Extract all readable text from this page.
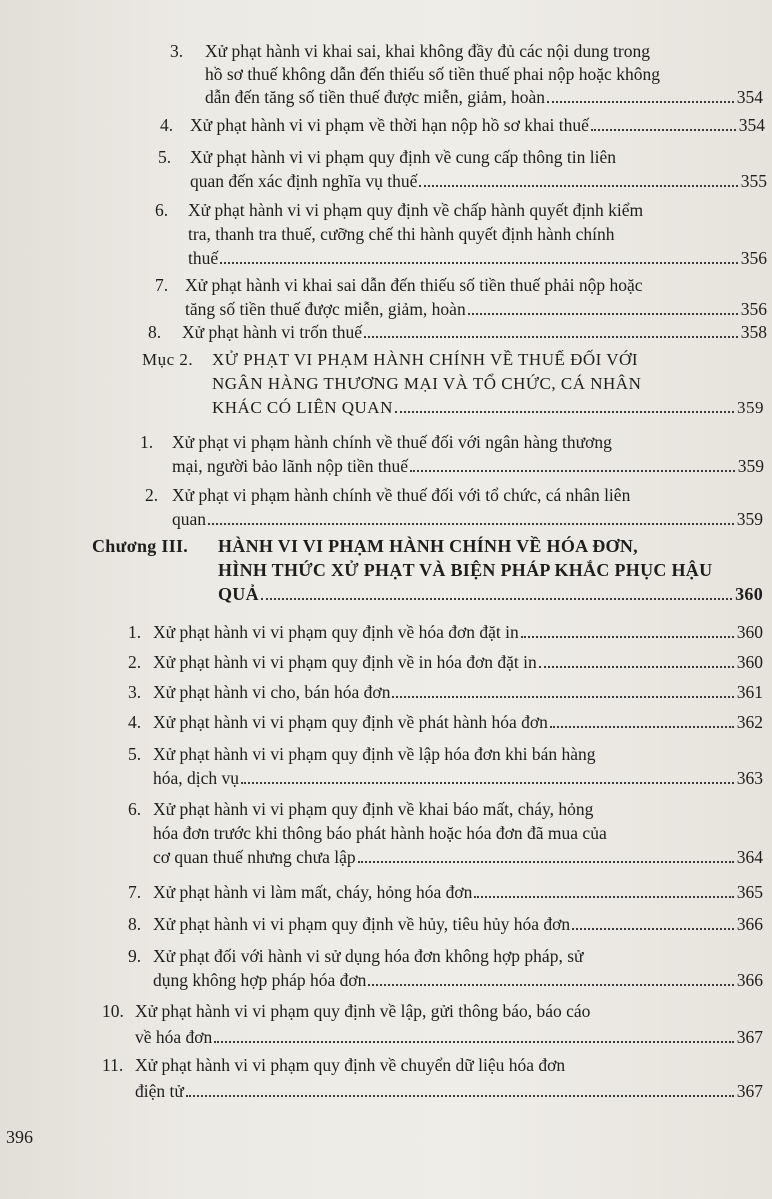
3. Xử phạt hành vi khai sai, khai không đầy đủ các nội dung trong
hồ sơ thuế không dẫn đến thiếu số tiền thuế phai nộp hoặc không
dẫn đến tăng số tiền thuế được miễn, giảm, hoàn	354
4. Xử phạt hành vi vi phạm về thời hạn nộp hồ sơ khai thuế	354
5. Xử phạt hành vi vi phạm quy định về cung cấp thông tin liên
quan đến xác định nghĩa vụ thuế	355
6. Xử phạt hành vi vi phạm quy định về chấp hành quyết định kiểm
tra, thanh tra thuế, cưỡng chế thi hành quyết định hành chính
thuế	356
7. Xử phạt hành vi khai sai dẫn đến thiếu số tiền thuế phải nộp hoặc
tăng số tiền thuế được miễn, giảm, hoàn	356
8. Xử phạt hành vi trốn thuế	358
Mục 2. XỬ PHẠT VI PHẠM HÀNH CHÍNH VỀ THUẾ ĐỐI VỚI
NGÂN HÀNG THƯƠNG MẠI VÀ TỔ CHỨC, CÁ NHÂN
KHÁC CÓ LIÊN QUAN	359
1. Xử phạt vi phạm hành chính về thuế đối với ngân hàng thương
mại, người bảo lãnh nộp tiền thuế	359
2. Xử phạt vi phạm hành chính về thuế đối với tổ chức, cá nhân liên
quan	359
Chương III. HÀNH VI VI PHẠM HÀNH CHÍNH VỀ HÓA ĐƠN,
HÌNH THỨC XỬ PHẠT VÀ BIỆN PHÁP KHẮC PHỤC HẬU
QUẢ	360
1. Xử phạt hành vi vi phạm quy định về hóa đơn đặt in	360
2. Xử phạt hành vi vi phạm quy định về in hóa đơn đặt in	360
3. Xử phạt hành vi cho, bán hóa đơn	361
4. Xử phạt hành vi vi phạm quy định về phát hành hóa đơn	362
5. Xử phạt hành vi vi phạm quy định về lập hóa đơn khi bán hàng
hóa, dịch vụ	363
6. Xử phạt hành vi vi phạm quy định về khai báo mất, cháy, hỏng
hóa đơn trước khi thông báo phát hành hoặc hóa đơn đã mua của
cơ quan thuế nhưng chưa lập	364
7. Xử phạt hành vi làm mất, cháy, hỏng hóa đơn	365
8. Xử phạt hành vi vi phạm quy định về hủy, tiêu hủy hóa đơn	366
9. Xử phạt đối với hành vi sử dụng hóa đơn không hợp pháp, sử
dụng không hợp pháp hóa đơn	366
10. Xử phạt hành vi vi phạm quy định về lập, gửi thông báo, báo cáo
về hóa đơn	367
11. Xử phạt hành vi vi phạm quy định về chuyển dữ liệu hóa đơn
điện tử	367
396
